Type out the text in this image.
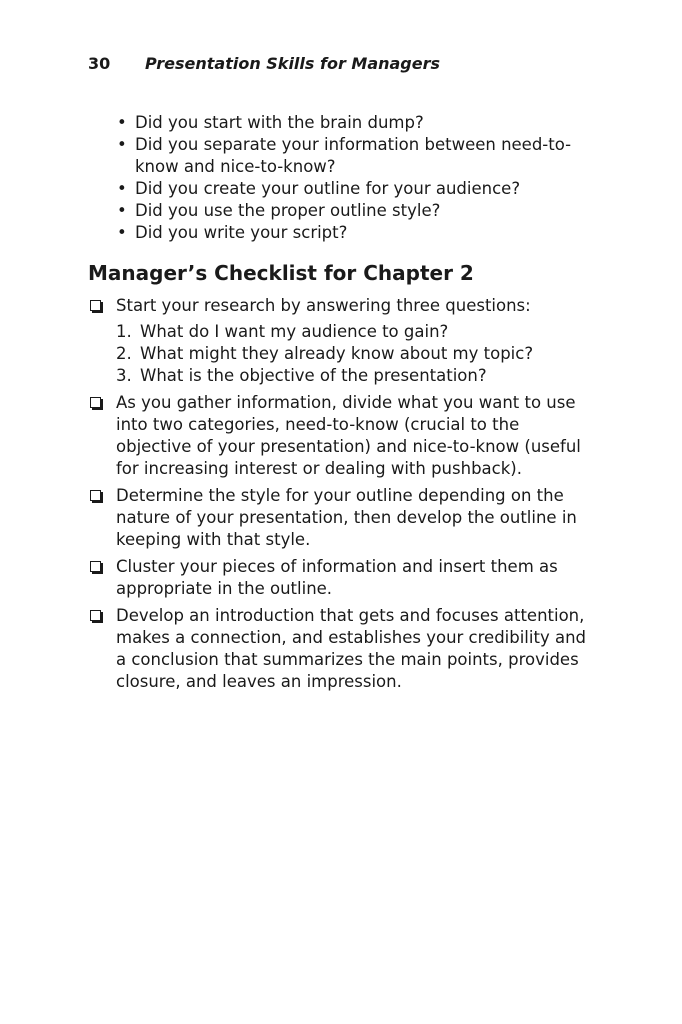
30	Presentation Skills for Managers
• Did you start with the brain dump?
• Did you separate your information between need-to-know and nice-to-know?
• Did you create your outline for your audience?
• Did you use the proper outline style?
• Did you write your script?
Manager’s Checklist for Chapter 2
Start your research by answering three questions:
1. What do I want my audience to gain?
2. What might they already know about my topic?
3. What is the objective of the presentation?
As you gather information, divide what you want to use into two categories, need-to-know (crucial to the objective of your presentation) and nice-to-know (useful for increasing interest or dealing with pushback).
Determine the style for your outline depending on the nature of your presentation, then develop the outline in keeping with that style.
Cluster your pieces of information and insert them as appropriate in the outline.
Develop an introduction that gets and focuses attention, makes a connection, and establishes your credibility and a conclusion that summarizes the main points, provides closure, and leaves an impression.
